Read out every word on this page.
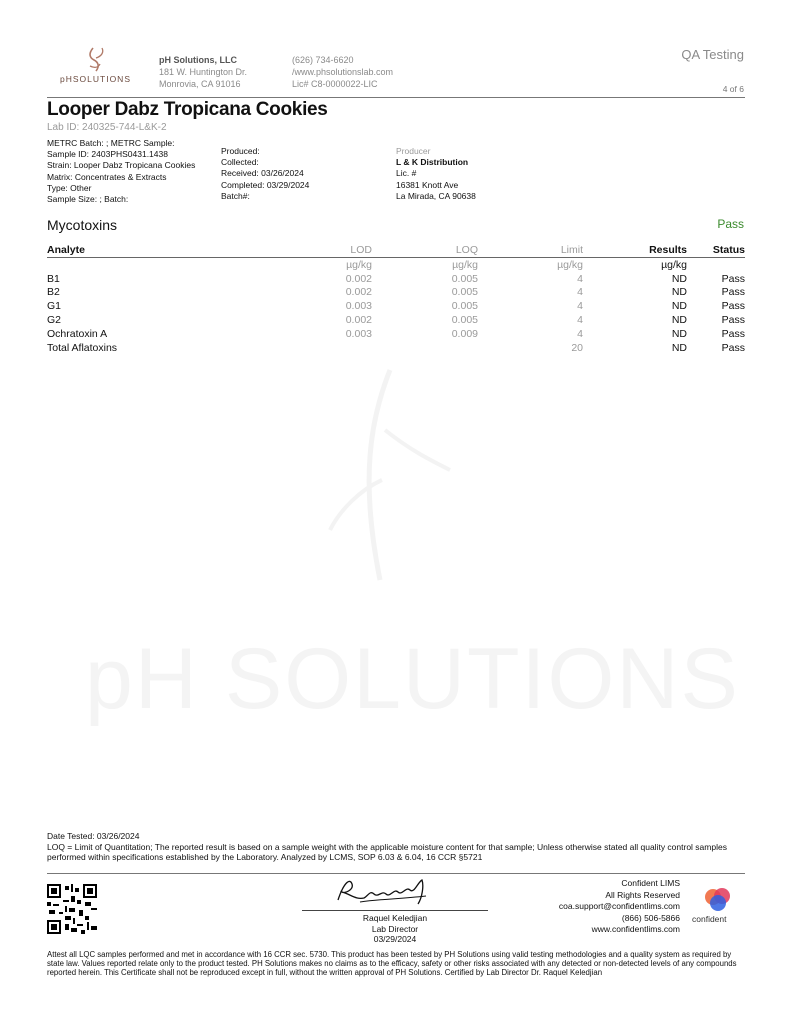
pH SOLUTIONS
pHSOLUTIONS
pH Solutions, LLC
181 W. Huntington Dr.
Monrovia, CA 91016
(626) 734-6620
/www.phsolutionslab.com
Lic# C8-0000022-LIC
QA Testing
4 of 6
Looper Dabz Tropicana Cookies
Lab ID: 240325-744-L&K-2
METRC Batch: ; METRC Sample:
Sample ID: 2403PHS0431.1438
Strain: Looper Dabz Tropicana Cookies
Matrix: Concentrates & Extracts
Type: Other
Sample Size: ; Batch:
Produced:
Collected:
Received: 03/26/2024
Completed: 03/29/2024
Batch#:
Producer
L & K Distribution
Lic. #
16381 Knott Ave
La Mirada, CA 90638
Mycotoxins	Pass
Analyte	LOD	LOQ	Limit	Results	Status
	µg/kg	µg/kg	µg/kg	µg/kg	
B1	0.002	0.005	4	ND	Pass
B2	0.002	0.005	4	ND	Pass
G1	0.003	0.005	4	ND	Pass
G2	0.002	0.005	4	ND	Pass
Ochratoxin A	0.003	0.009	4	ND	Pass
Total Aflatoxins			20	ND	Pass
Date Tested: 03/26/2024
LOQ = Limit of Quantitation; The reported result is based on a sample weight with the applicable moisture content for that sample; Unless otherwise stated all quality control samples performed within specifications established by the Laboratory. Analyzed by LCMS, SOP 6.03 & 6.04, 16 CCR §5721
Raquel Keledjian
Lab Director
03/29/2024
Confident LIMS
All Rights Reserved
coa.support@confidentlims.com
(866) 506-5866
www.confidentlims.com
confident
Attest all LQC samples performed and met in accordance with 16 CCR sec. 5730. This product has been tested by PH Solutions using valid testing methodologies and a quality system as required by state law. Values reported relate only to the product tested. PH Solutions makes no claims as to the efficacy, safety or other risks associated with any detected or non-detected levels of any compounds reported herein. This Certificate shall not be reproduced except in full, without the written approval of PH Solutions. Certified by Lab Director Dr. Raquel Keledjian
